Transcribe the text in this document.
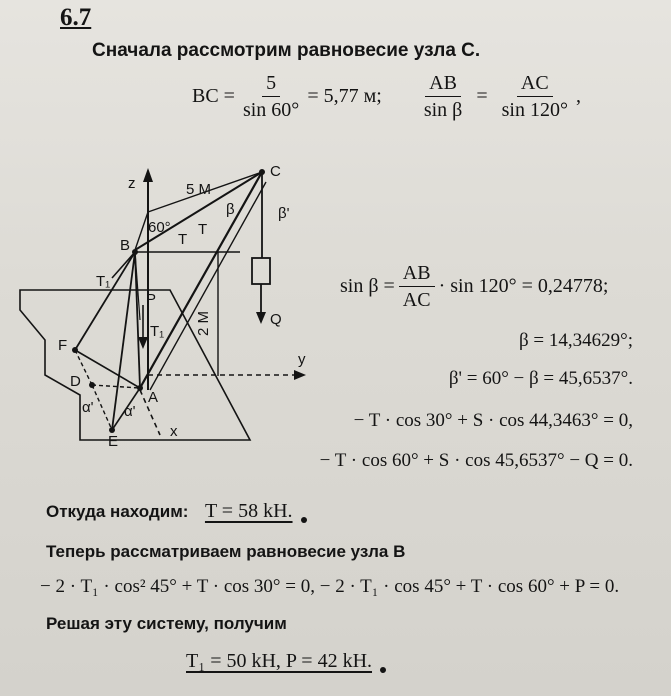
6.7
Сначала рассмотрим равновесие узла С.
BC = $\frac{5}{\sin 60^\circ} = 5,77$ м; $\frac{AB}{\text{sin β}} = \frac{AC}{\sin 120^\circ}$ ,
z
y
x
C
B
P
F
D
A
E
T₁
T₁
T
T
β	β'
Q
5 M
60°
2 M
α' α'
$\sin \beta = \frac{AB}{AC} \cdot \sin 120^\circ = 0,24778$;
β = 14,34629°;
β' = 60° − β = 45,6537°.
− T · cos 30° + S · cos 44,3463° = 0,
− T · cos 60° + S · cos 45,6537° − Q = 0.
Откуда находим: T = 58 kH.
Теперь рассматриваем равновесие узла В
− 2 · T₁ · cos² 45° + T · cos 30° = 0, − 2 · T₁ · cos 45° + T · cos 60° + P = 0.
Решая эту систему, получим
T₁ = 50 kH, P = 42 kH.
